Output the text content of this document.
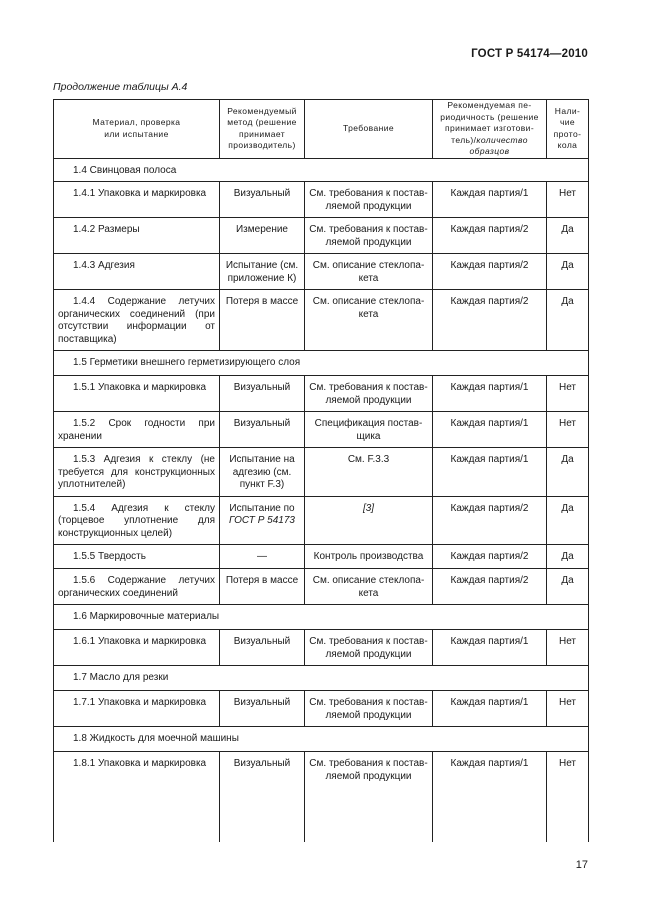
ГОСТ Р 54174—2010
Продолжение таблицы А.4
Материал, проверка
или испытание	Рекомендуемый
метод (решение
принимает
производитель)	Требование	Рекомендуемая пе-
риодичность (решение
принимает изготови-
тель)/количество
образцов	Нали-
чие
прото-
кола

1.4 Свинцовая полоса				

1.4.1 Упаковка и маркировка	Визуальный	См. требования к постав-
ляемой продукции	Каждая партия/1	Нет

1.4.2 Размеры	Измерение	См. требования к постав-
ляемой продукции	Каждая партия/2	Да

1.4.3 Адгезия	Испытание (см. приложение К)	См. описание стеклопа-
кета	Каждая партия/2	Да

1.4.4 Содержание летучих органических соединений (при отсутствии информации от поставщика)	Потеря в массе	См. описание стеклопа-
кета	Каждая партия/2	Да

1.5 Герметики внешнего герметизирующего слоя				

1.5.1 Упаковка и маркировка	Визуальный	См. требования к постав-
ляемой продукции	Каждая партия/1	Нет

1.5.2 Срок годности при хранении	Визуальный	Спецификация постав-
щика	Каждая партия/1	Нет

1.5.3 Адгезия к стеклу (не требуется для конструкционных уплотнителей)	Испытание на адгезию (см. пункт F.3)	См. F.3.3	Каждая партия/1	Да

1.5.4 Адгезия к стеклу (торцевое уплотнение для конструкционных целей)	Испытание по
ГОСТ Р 54173	[3]	Каждая партия/2	Да

1.5.5 Твердость	—	Контроль производства	Каждая партия/2	Да

1.5.6 Содержание летучих органических соединений	Потеря в массе	См. описание стеклопа-
кета	Каждая партия/2	Да

1.6 Маркировочные материалы				

1.6.1 Упаковка и маркировка	Визуальный	См. требования к постав-
ляемой продукции	Каждая партия/1	Нет

1.7 Масло для резки				

1.7.1 Упаковка и маркировка	Визуальный	См. требования к постав-
ляемой продукции	Каждая партия/1	Нет

1.8 Жидкость для моечной машины				

1.8.1 Упаковка и маркировка	Визуальный	См. требования к постав-
ляемой продукции	Каждая партия/1	Нет
17
